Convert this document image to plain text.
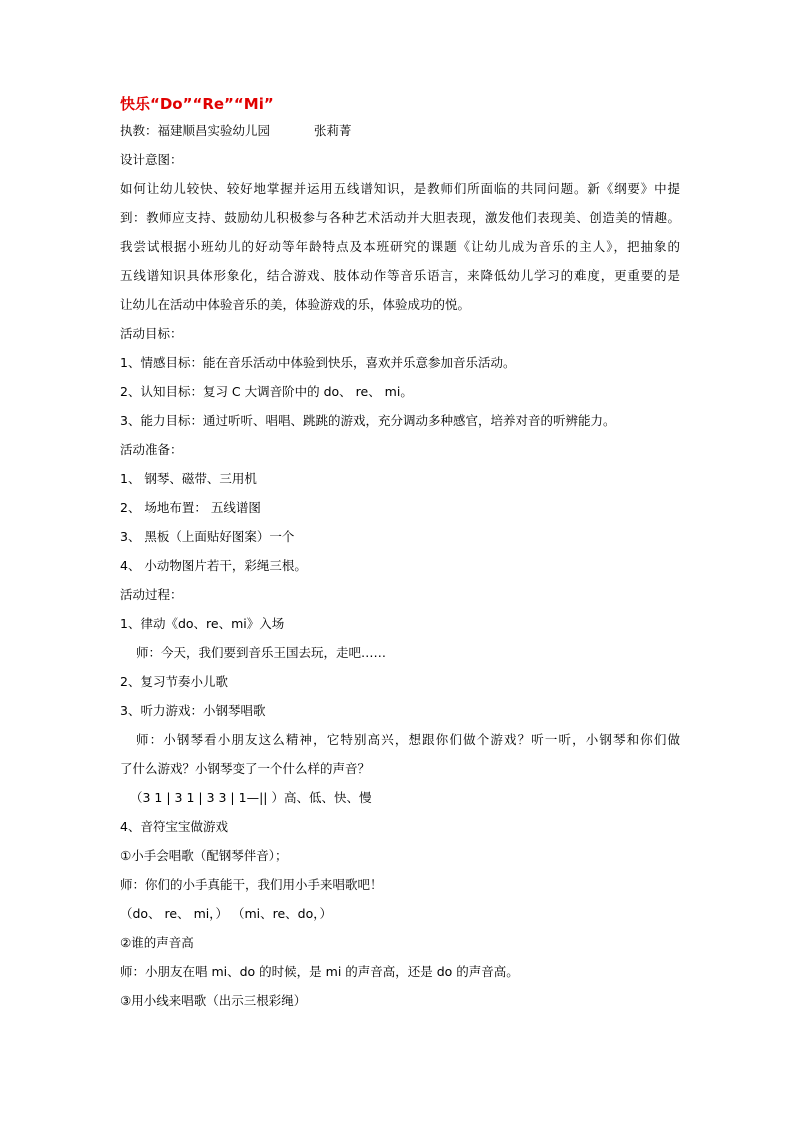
快乐“Do”“Re”“Mi”
执教：福建顺昌实验幼儿园	张莉菁
设计意图：
如何让幼儿较快、较好地掌握并运用五线谱知识，是教师们所面临的共同问题。新《纲要》中提
到：教师应支持、鼓励幼儿积极参与各种艺术活动并大胆表现，激发他们表现美、创造美的情趣。
我尝试根据小班幼儿的好动等年龄特点及本班研究的课题《让幼儿成为音乐的主人》，把抽象的
五线谱知识具体形象化，结合游戏、肢体动作等音乐语言，来降低幼儿学习的难度，更重要的是
让幼儿在活动中体验音乐的美，体验游戏的乐，体验成功的悦。
活动目标：
1、情感目标：能在音乐活动中体验到快乐，喜欢并乐意参加音乐活动。
2、认知目标：复习 C 大调音阶中的 do、 re、 mi。
3、能力目标：通过听听、唱唱、跳跳的游戏，充分调动多种感官，培养对音的听辨能力。
活动准备：
1、 钢琴、磁带、三用机
2、 场地布置： 五线谱图
3、 黑板（上面贴好图案）一个
4、 小动物图片若干，彩绳三根。
活动过程：
1、律动《do、re、mi》入场
师：今天，我们要到音乐王国去玩，走吧……
2、复习节奏小儿歌
3、听力游戏：小钢琴唱歌
师：小钢琴看小朋友这么精神，它特别高兴，想跟你们做个游戏？听一听，小钢琴和你们做
了什么游戏？小钢琴变了一个什么样的声音？
（3 1 | 3 1 | 3 3 | 1—|| ）高、低、快、慢
4、音符宝宝做游戏
①小手会唱歌（配钢琴伴音）；
师：你们的小手真能干，我们用小手来唱歌吧！
（do、 re、 mi，） （mi、re、do，）
②谁的声音高
师：小朋友在唱 mi、do 的时候，是 mi 的声音高，还是 do 的声音高。
③用小线来唱歌（出示三根彩绳）
